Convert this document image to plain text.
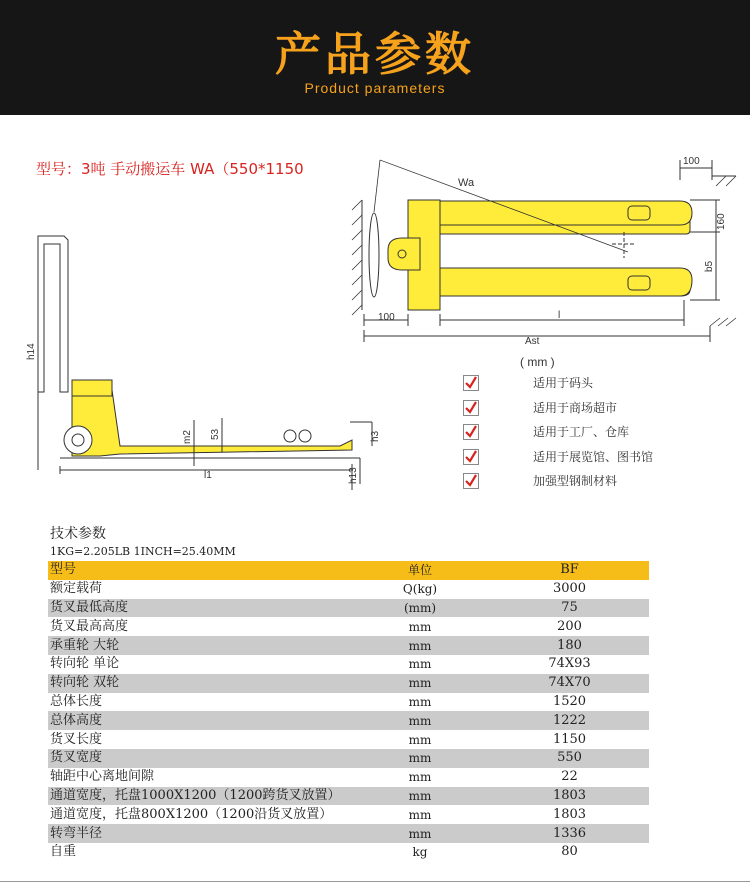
产品参数
Product parameters
型号：3吨 手动搬运车 WA（550*1150
Wa
100
160
b5
100	l
Ast
( mm )
h14
m2 53	h3
h13
l1
适用于码头
适用于商场超市
适用于工厂、仓库
适用于展览馆、图书馆
加强型钢制材料
技术参数
1KG=2.205LB 1INCH=25.40MM
型号	单位	BF
额定载荷	Q(kg)	3000
货叉最低高度	(mm)	75
货叉最高高度	mm	200
承重轮 大轮	mm	180
转向轮 单论	mm	74X93
转向轮 双轮	mm	74X70
总体长度	mm	1520
总体高度	mm	1222
货叉长度	mm	1150
货叉宽度	mm	550
轴距中心离地间隙	mm	22
通道宽度，托盘1000X1200（1200跨货叉放置）	mm	1803
通道宽度，托盘800X1200（1200沿货叉放置）	mm	1803
转弯半径	mm	1336
自重	kg	80
